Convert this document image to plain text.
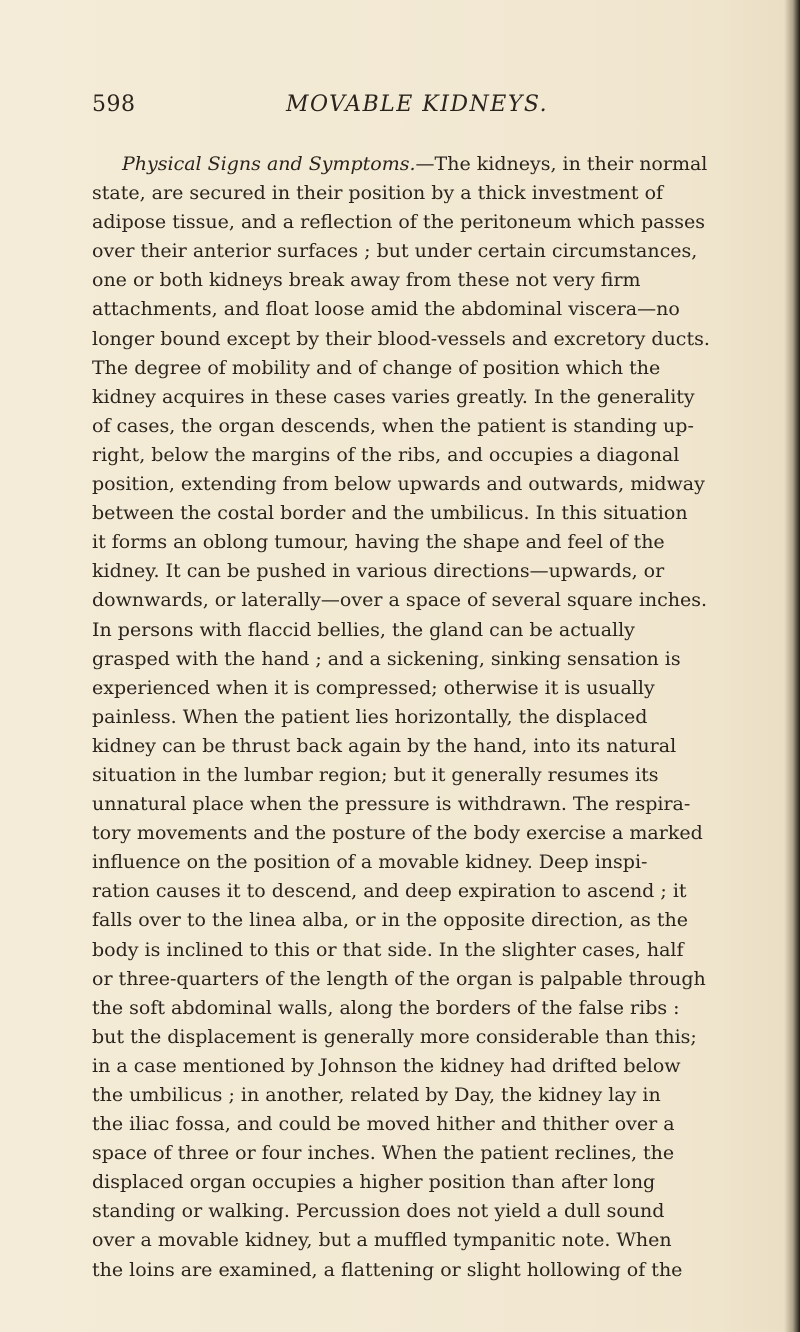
598	MOVABLE KIDNEYS.
Physical Signs and Symptoms.—The kidneys, in their normal
state, are secured in their position by a thick investment of
adipose tissue, and a reflection of the peritoneum which passes
over their anterior surfaces ; but under certain circumstances,
one or both kidneys break away from these not very firm
attachments, and float loose amid the abdominal viscera—no
longer bound except by their blood-vessels and excretory ducts.
The degree of mobility and of change of position which the
kidney acquires in these cases varies greatly. In the generality
of cases, the organ descends, when the patient is standing up-
right, below the margins of the ribs, and occupies a diagonal
position, extending from below upwards and outwards, midway
between the costal border and the umbilicus. In this situation
it forms an oblong tumour, having the shape and feel of the
kidney. It can be pushed in various directions—upwards, or
downwards, or laterally—over a space of several square inches.
In persons with flaccid bellies, the gland can be actually
grasped with the hand ; and a sickening, sinking sensation is
experienced when it is compressed; otherwise it is usually
painless. When the patient lies horizontally, the displaced
kidney can be thrust back again by the hand, into its natural
situation in the lumbar region; but it generally resumes its
unnatural place when the pressure is withdrawn. The respira-
tory movements and the posture of the body exercise a marked
influence on the position of a movable kidney. Deep inspi-
ration causes it to descend, and deep expiration to ascend ; it
falls over to the linea alba, or in the opposite direction, as the
body is inclined to this or that side. In the slighter cases, half
or three-quarters of the length of the organ is palpable through
the soft abdominal walls, along the borders of the false ribs :
but the displacement is generally more considerable than this;
in a case mentioned by Johnson the kidney had drifted below
the umbilicus ; in another, related by Day, the kidney lay in
the iliac fossa, and could be moved hither and thither over a
space of three or four inches. When the patient reclines, the
displaced organ occupies a higher position than after long
standing or walking. Percussion does not yield a dull sound
over a movable kidney, but a muffled tympanitic note. When
the loins are examined, a flattening or slight hollowing of the
